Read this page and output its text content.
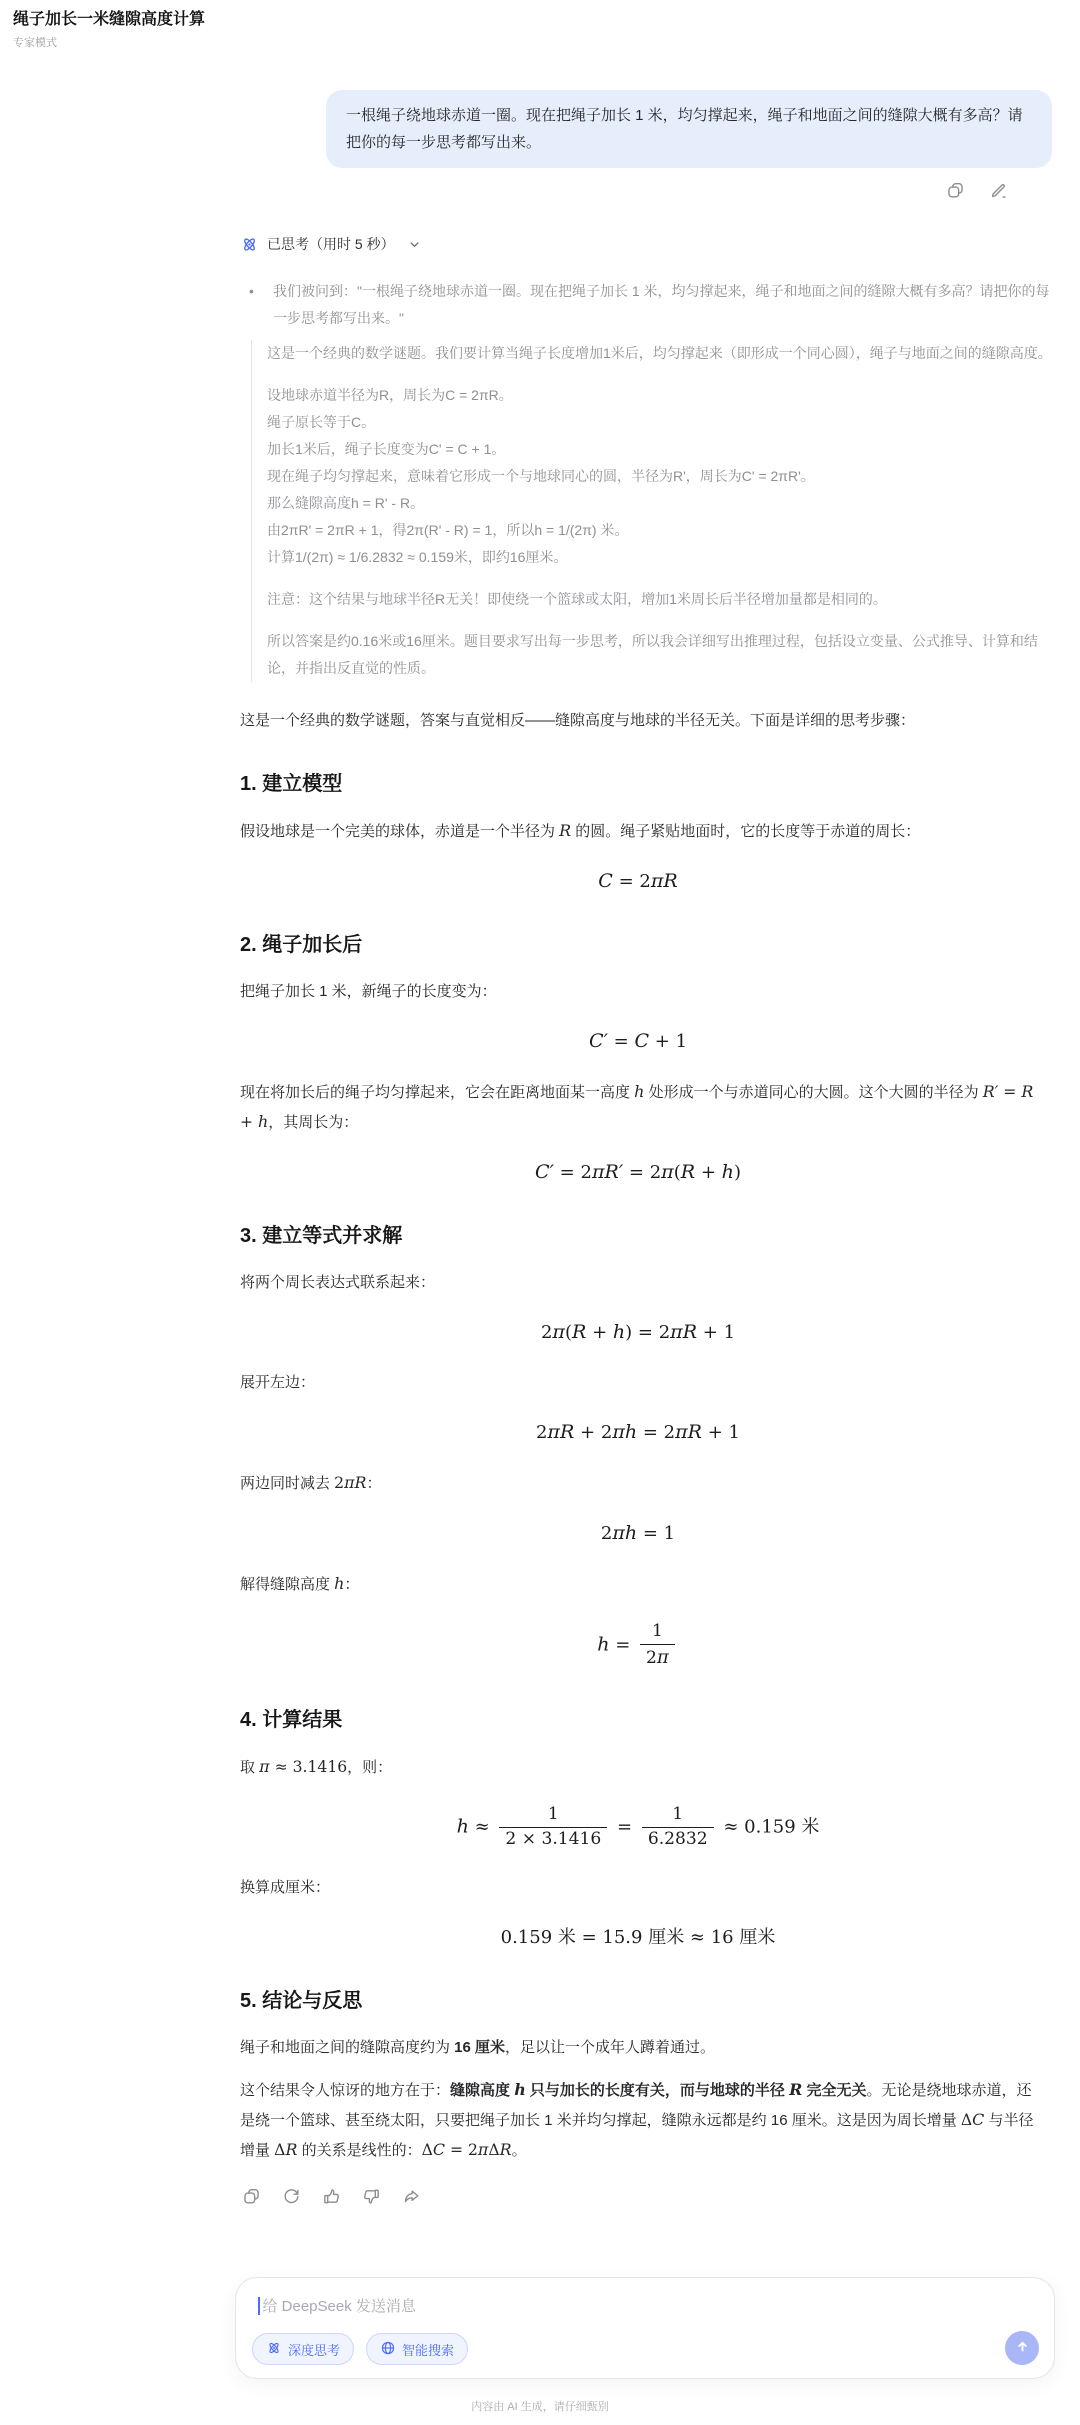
绳子加长一米缝隙高度计算
专家模式
一根绳子绕地球赤道一圈。现在把绳子加长 1 米，均匀撑起来，绳子和地面之间的缝隙大概有多高？请把你的每一步思考都写出来。
已思考（用时 5 秒）
•	我们被问到："一根绳子绕地球赤道一圈。现在把绳子加长 1 米，均匀撑起来，绳子和地面之间的缝隙大概有多高？请把你的每一步思考都写出来。"

这是一个经典的数学谜题。我们要计算当绳子长度增加1米后，均匀撑起来（即形成一个同心圆），绳子与地面之间的缝隙高度。

设地球赤道半径为R，周长为C = 2πR。
绳子原长等于C。
加长1米后，绳子长度变为C' = C + 1。
现在绳子均匀撑起来，意味着它形成一个与地球同心的圆，半径为R'，周长为C' = 2πR'。
那么缝隙高度h = R' - R。
由2πR' = 2πR + 1，得2π(R' - R) = 1，所以h = 1/(2π) 米。
计算1/(2π) ≈ 1/6.2832 ≈ 0.159米，即约16厘米。

注意：这个结果与地球半径R无关！即使绕一个篮球或太阳，增加1米周长后半径增加量都是相同的。

所以答案是约0.16米或16厘米。题目要求写出每一步思考，所以我会详细写出推理过程，包括设立变量、公式推导、计算和结论，并指出反直觉的性质。

这是一个经典的数学谜题，答案与直觉相反——缝隙高度与地球的半径无关。下面是详细的思考步骤：

1. 建立模型

假设地球是一个完美的球体，赤道是一个半径为 R 的圆。绳子紧贴地面时，它的长度等于赤道的周长：

C = 2πR
2. 绳子加长后

把绳子加长 1 米，新绳子的长度变为：

C′ = C + 1

现在将加长后的绳子均匀撑起来，它会在距离地面某一高度 h 处形成一个与赤道同心的大圆。这个大圆的半径为 R′ = R + h，其周长为：

C′ = 2πR′ = 2π(R + h)
3. 建立等式并求解

将两个周长表达式联系起来：

2π(R + h) = 2πR + 1

展开左边：

2πR + 2πh = 2πR + 1

两边同时减去 2πR：

2πh = 1

解得缝隙高度 h：

$h = \frac{1}{2\pi}$
4. 计算结果

取 π ≈ 3.1416，则：

$h \approx \frac{1}{2 \times 3.1416} = \frac{1}{6.2832} \approx 0.159$ 米

换算成厘米：

0.159 米 = 15.9 厘米 ≈ 16 厘米
5. 结论与反思

绳子和地面之间的缝隙高度约为 16 厘米，足以让一个成年人蹲着通过。

这个结果令人惊讶的地方在于：缝隙高度 h 只与加长的长度有关，而与地球的半径 R 完全无关。无论是绕地球赤道，还是绕一个篮球、甚至绕太阳，只要把绳子加长 1 米并均匀撑起，缝隙永远都是约 16 厘米。这是因为周长增量 ΔC 与半径增量 ΔR 的关系是线性的：ΔC = 2πΔR。

给 DeepSeek 发送消息
深度思考	智能搜索
内容由 AI 生成，请仔细甄别
